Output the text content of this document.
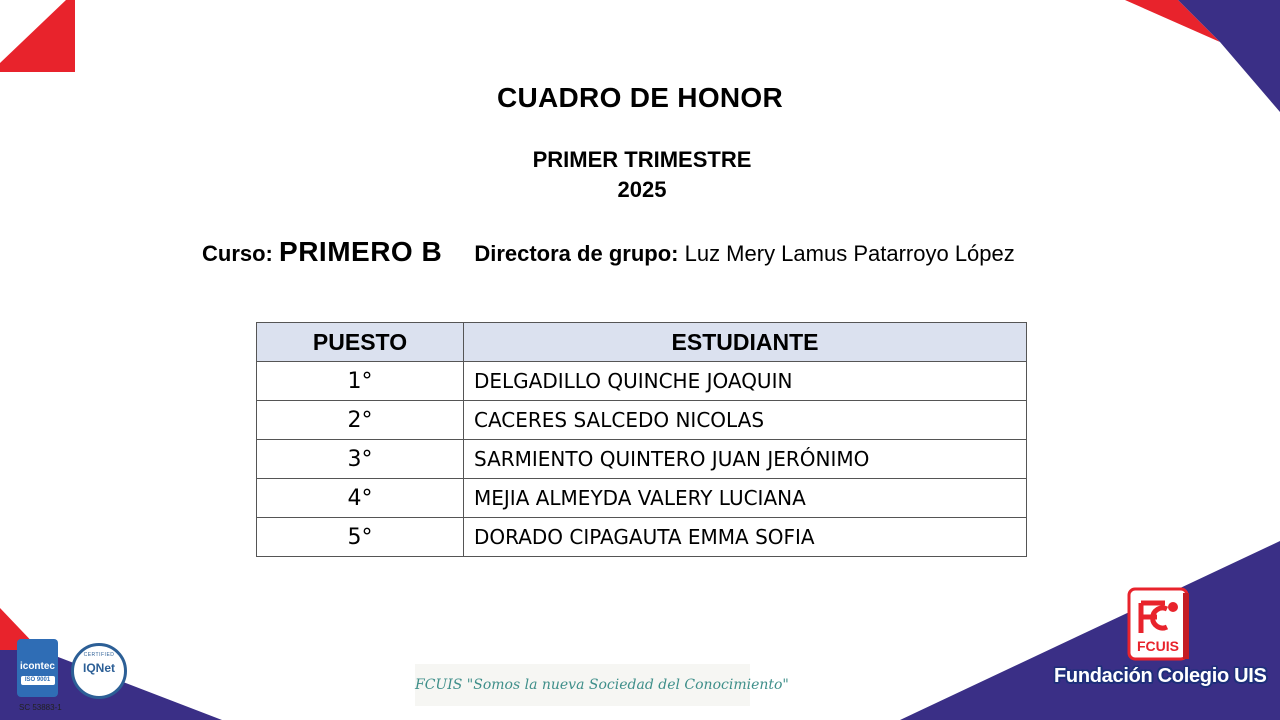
CUADRO DE HONOR
PRIMER TRIMESTRE
2025
Curso: PRIMERO B Directora de grupo: Luz Mery Lamus Patarroyo López
PUESTO	ESTUDIANTE
1°	DELGADILLO QUINCHE JOAQUIN
2°	CACERES SALCEDO NICOLAS
3°	SARMIENTO QUINTERO JUAN JERÓNIMO
4°	MEJIA ALMEYDA VALERY LUCIANA
5°	DORADO CIPAGAUTA EMMA SOFIA
icontec
ISO 9001
SC 53883-1
CERTIFIED
IQNet
FCUIS "Somos la nueva Sociedad del Conocimiento"
FCUIS
Fundación Colegio UIS
